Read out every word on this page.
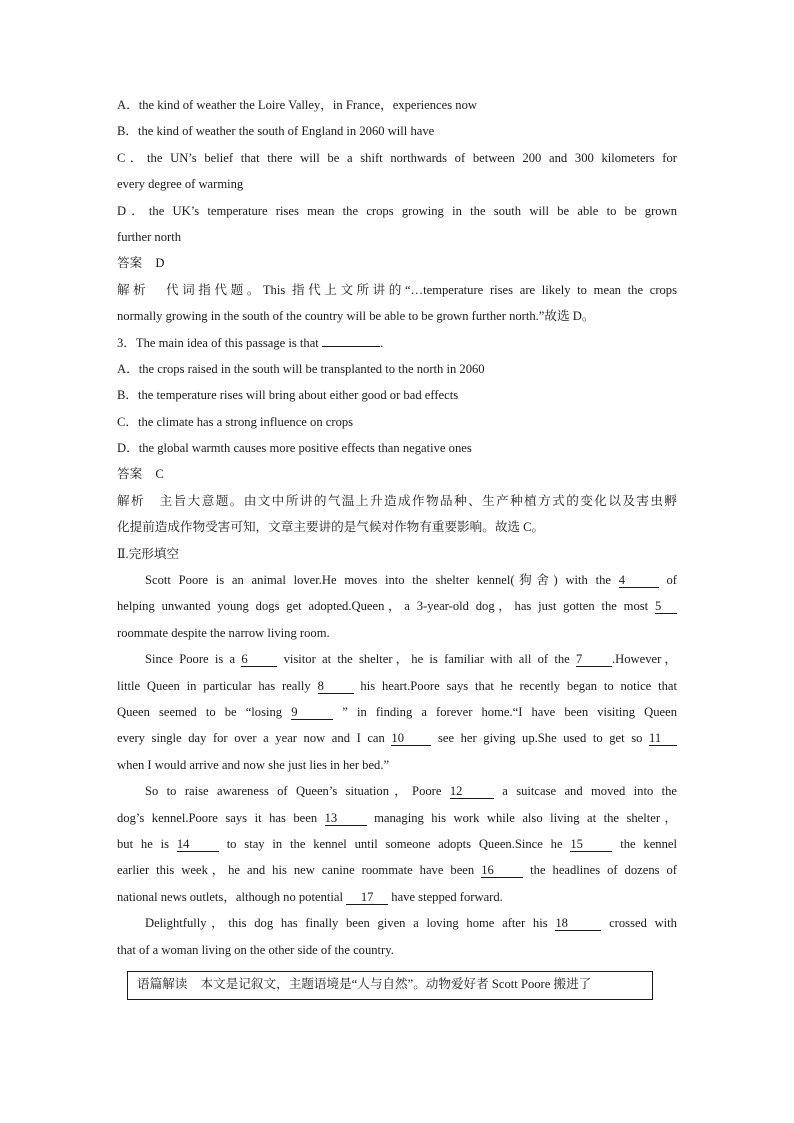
A．the kind of weather the Loire Valley，in France，experiences now
B．the kind of weather the south of England in 2060 will have
C．the UN’s belief that there will be a shift northwards of between 200 and 300 kilometers for
every degree of warming
D．the UK’s temperature rises mean the crops growing in the south will be able to be grown
further north
答案 D
解析 代词指代题。This 指代上文所讲的“…temperature rises are likely to mean the crops
normally growing in the south of the country will be able to be grown further north.”故选 D。
3．The main idea of this passage is that	.
A．the crops raised in the south will be transplanted to the north in 2060
B．the temperature rises will bring about either good or bad effects
C．the climate has a strong influence on crops
D．the global warmth causes more positive effects than negative ones
答案 C
解析 主旨大意题。由文中所讲的气温上升造成作物品种、生产种植方式的变化以及害虫孵
化提前造成作物受害可知，文章主要讲的是气候对作物有重要影响。故选 C。
Ⅱ.完形填空
Scott Poore is an animal lover.He moves into the shelter kennel(狗舍) with the 4	of
helping unwanted young dogs get adopted.Queen，a 3-year-old dog，has just gotten the most 5
roommate despite the narrow living room.
Since Poore is a 6	visitor at the shelter，he is familiar with all of the 7 .However，
little Queen in particular has really 8	his heart.Poore says that he recently began to notice that
Queen seemed to be “losing 9	” in finding a forever home.“I have been visiting Queen
every single day for over a year now and I can 10	see her giving up.She used to get so 11
when I would arrive and now she just lies in her bed.”
So to raise awareness of Queen’s situation，Poore 12	a suitcase and moved into the
dog’s kennel.Poore says it has been 13	managing his work while also living at the shelter，
but he is 14	to stay in the kennel until someone adopts Queen.Since he 15	the kennel
earlier this week，he and his new canine roommate have been 16	the headlines of dozens of
national news outlets，although no potential 17 have stepped forward.
Delightfully，this dog has finally been given a loving home after his 18	crossed with
that of a woman living on the other side of the country.
语篇解读 本文是记叙文，主题语境是“人与自然”。动物爱好者 Scott Poore 搬进了
